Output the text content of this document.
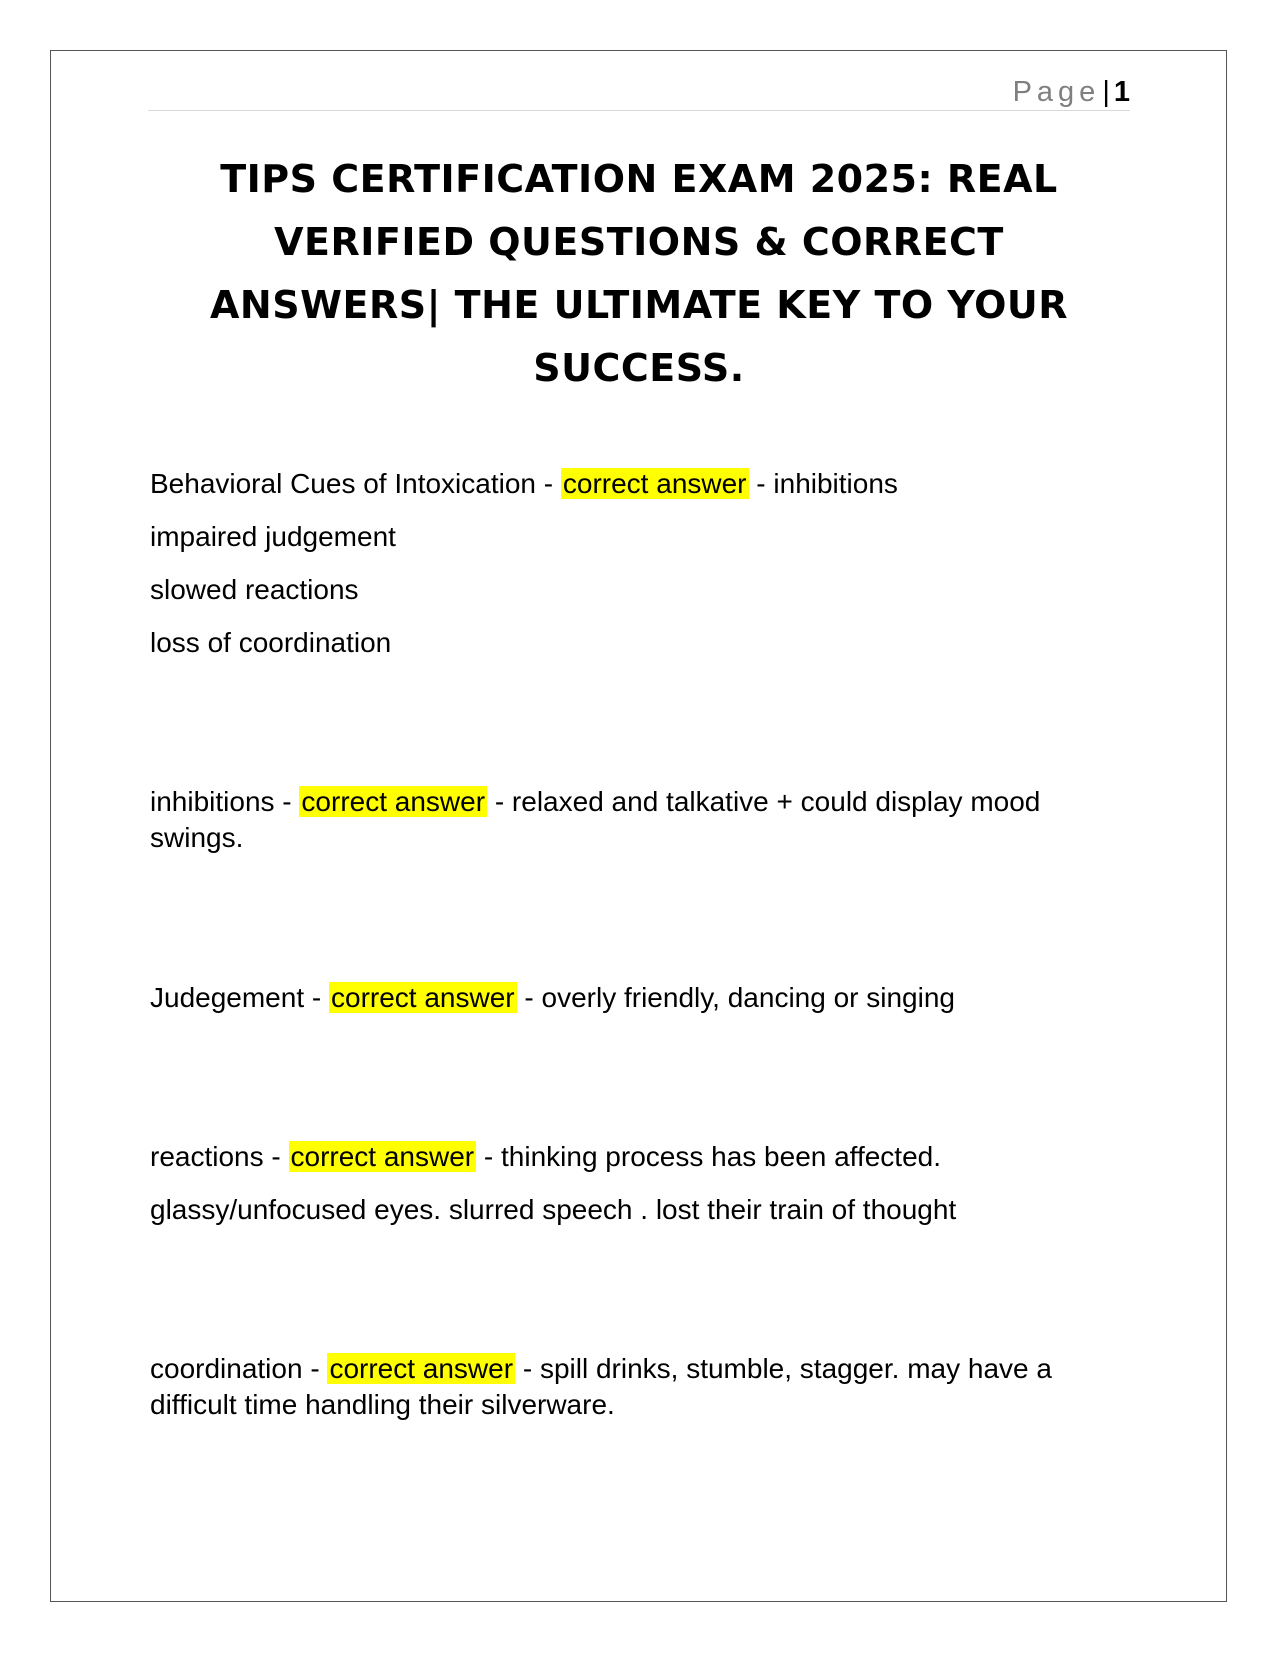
Page| 1
TIPS CERTIFICATION EXAM 2025: REAL
VERIFIED QUESTIONS & CORRECT
ANSWERS| THE ULTIMATE KEY TO YOUR
SUCCESS.
Behavioral Cues of Intoxication - correct answer - inhibitions
impaired judgement
slowed reactions
loss of coordination
inhibitions - correct answer - relaxed and talkative + could display mood swings.
Judegement - correct answer - overly friendly, dancing or singing
reactions - correct answer - thinking process has been affected.
glassy/unfocused eyes. slurred speech . lost their train of thought
coordination - correct answer - spill drinks, stumble, stagger. may have a difficult time handling their silverware.
